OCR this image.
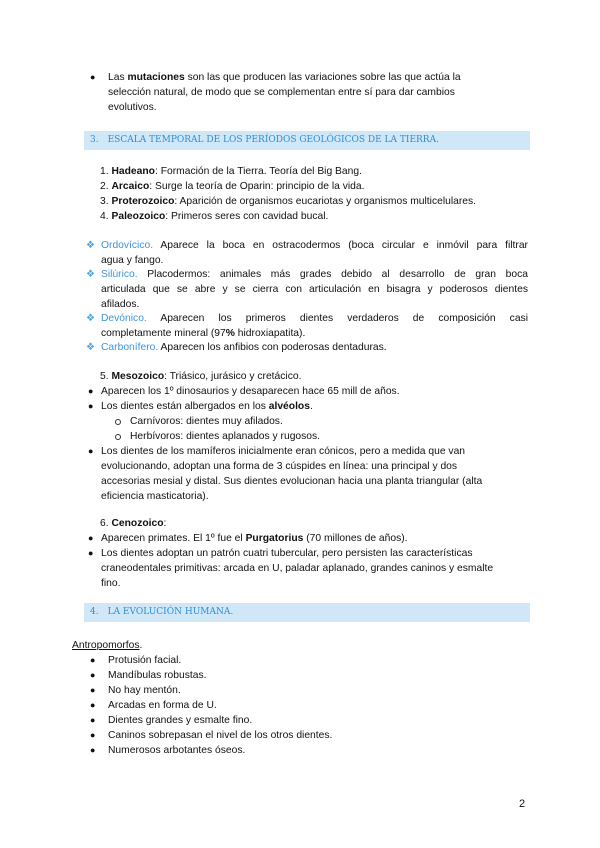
● Las mutaciones son las que producen las variaciones sobre las que actúa la
selección natural, de modo que se complementan entre sí para dar cambios
evolutivos.
3. ESCALA TEMPORAL DE LOS PERÍODOS GEOLÓGICOS DE LA TIERRA.
1. Hadeano: Formación de la Tierra. Teoría del Big Bang.
2. Arcaico: Surge la teoría de Oparin: principio de la vida.
3. Proterozoico: Aparición de organismos eucariotas y organismos multicelulares.
4. Paleozoico: Primeros seres con cavidad bucal.
❖ Ordovícico. Aparece la boca en ostracodermos (boca circular e inmóvil para filtrar
agua y fango.
❖ Silúrico. Placodermos: animales más grades debido al desarrollo de gran boca
articulada que se abre y se cierra con articulación en bisagra y poderosos dientes
afilados.
❖ Devónico. Aparecen los primeros dientes verdaderos de composición casi
completamente mineral (97% hidroxiapatita).
❖ Carbonífero. Aparecen los anfibios con poderosas dentaduras.
5. Mesozoico: Triásico, jurásico y cretácico.
● Aparecen los 1º dinosaurios y desaparecen hace 65 mill de años.
● Los dientes están albergados en los alvéolos.
Carnívoros: dientes muy afilados.
Herbívoros: dientes aplanados y rugosos.
● Los dientes de los mamíferos inicialmente eran cónicos, pero a medida que van
evolucionando, adoptan una forma de 3 cúspides en línea: una principal y dos
accesorias mesial y distal. Sus dientes evolucionan hacia una planta triangular (alta
eficiencia masticatoria).
6. Cenozoico:
● Aparecen primates. El 1º fue el Purgatorius (70 millones de años).
● Los dientes adoptan un patrón cuatri tubercular, pero persisten las características
craneodentales primitivas: arcada en U, paladar aplanado, grandes caninos y esmalte
fino.
4. LA EVOLUCIÓN HUMANA.
Antropomorfos.
● Protusión facial.
● Mandíbulas robustas.
● No hay mentón.
● Arcadas en forma de U.
● Dientes grandes y esmalte fino.
● Caninos sobrepasan el nivel de los otros dientes.
● Numerosos arbotantes óseos.
2
